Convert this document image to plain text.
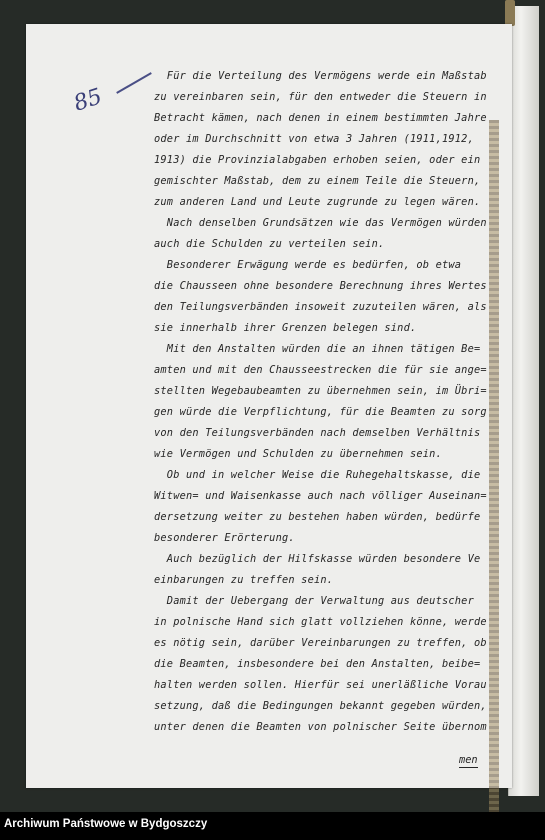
85
Für die Verteilung des Vermögens werde ein Maßstab
zu vereinbaren sein, für den entweder die Steuern in
Betracht kämen, nach denen in einem bestimmten Jahre
oder im Durchschnitt von etwa 3 Jahren (1911,1912,
1913) die Provinzialabgaben erhoben seien, oder ein
gemischter Maßstab, dem zu einem Teile die Steuern,
zum anderen Land und Leute zugrunde zu legen wären.
Nach denselben Grundsätzen wie das Vermögen würden
auch die Schulden zu verteilen sein.
Besonderer Erwägung werde es bedürfen, ob etwa
die Chausseen ohne besondere Berechnung ihres Wertes
den Teilungsverbänden insoweit zuzuteilen wären, als
sie innerhalb ihrer Grenzen belegen sind.
Mit den Anstalten würden die an ihnen tätigen Be=
amten und mit den Chausseestrecken die für sie ange=
stellten Wegebaubeamten zu übernehmen sein, im Übri=
gen würde die Verpflichtung, für die Beamten zu sorg
von den Teilungsverbänden nach demselben Verhältnis
wie Vermögen und Schulden zu übernehmen sein.
Ob und in welcher Weise die Ruhegehaltskasse, die
Witwen= und Waisenkasse auch nach völliger Auseinan=
dersetzung weiter zu bestehen haben würden, bedürfe
besonderer Erörterung.
Auch bezüglich der Hilfskasse würden besondere Ve
einbarungen zu treffen sein.
Damit der Uebergang der Verwaltung aus deutscher
in polnische Hand sich glatt vollziehen könne, werde
es nötig sein, darüber Vereinbarungen zu treffen, ob
die Beamten, insbesondere bei den Anstalten, beibe=
halten werden sollen. Hierfür sei unerläßliche Vorau
setzung, daß die Bedingungen bekannt gegeben würden,
unter denen die Beamten von polnischer Seite übernom
men
Archiwum Państwowe w Bydgoszczy
